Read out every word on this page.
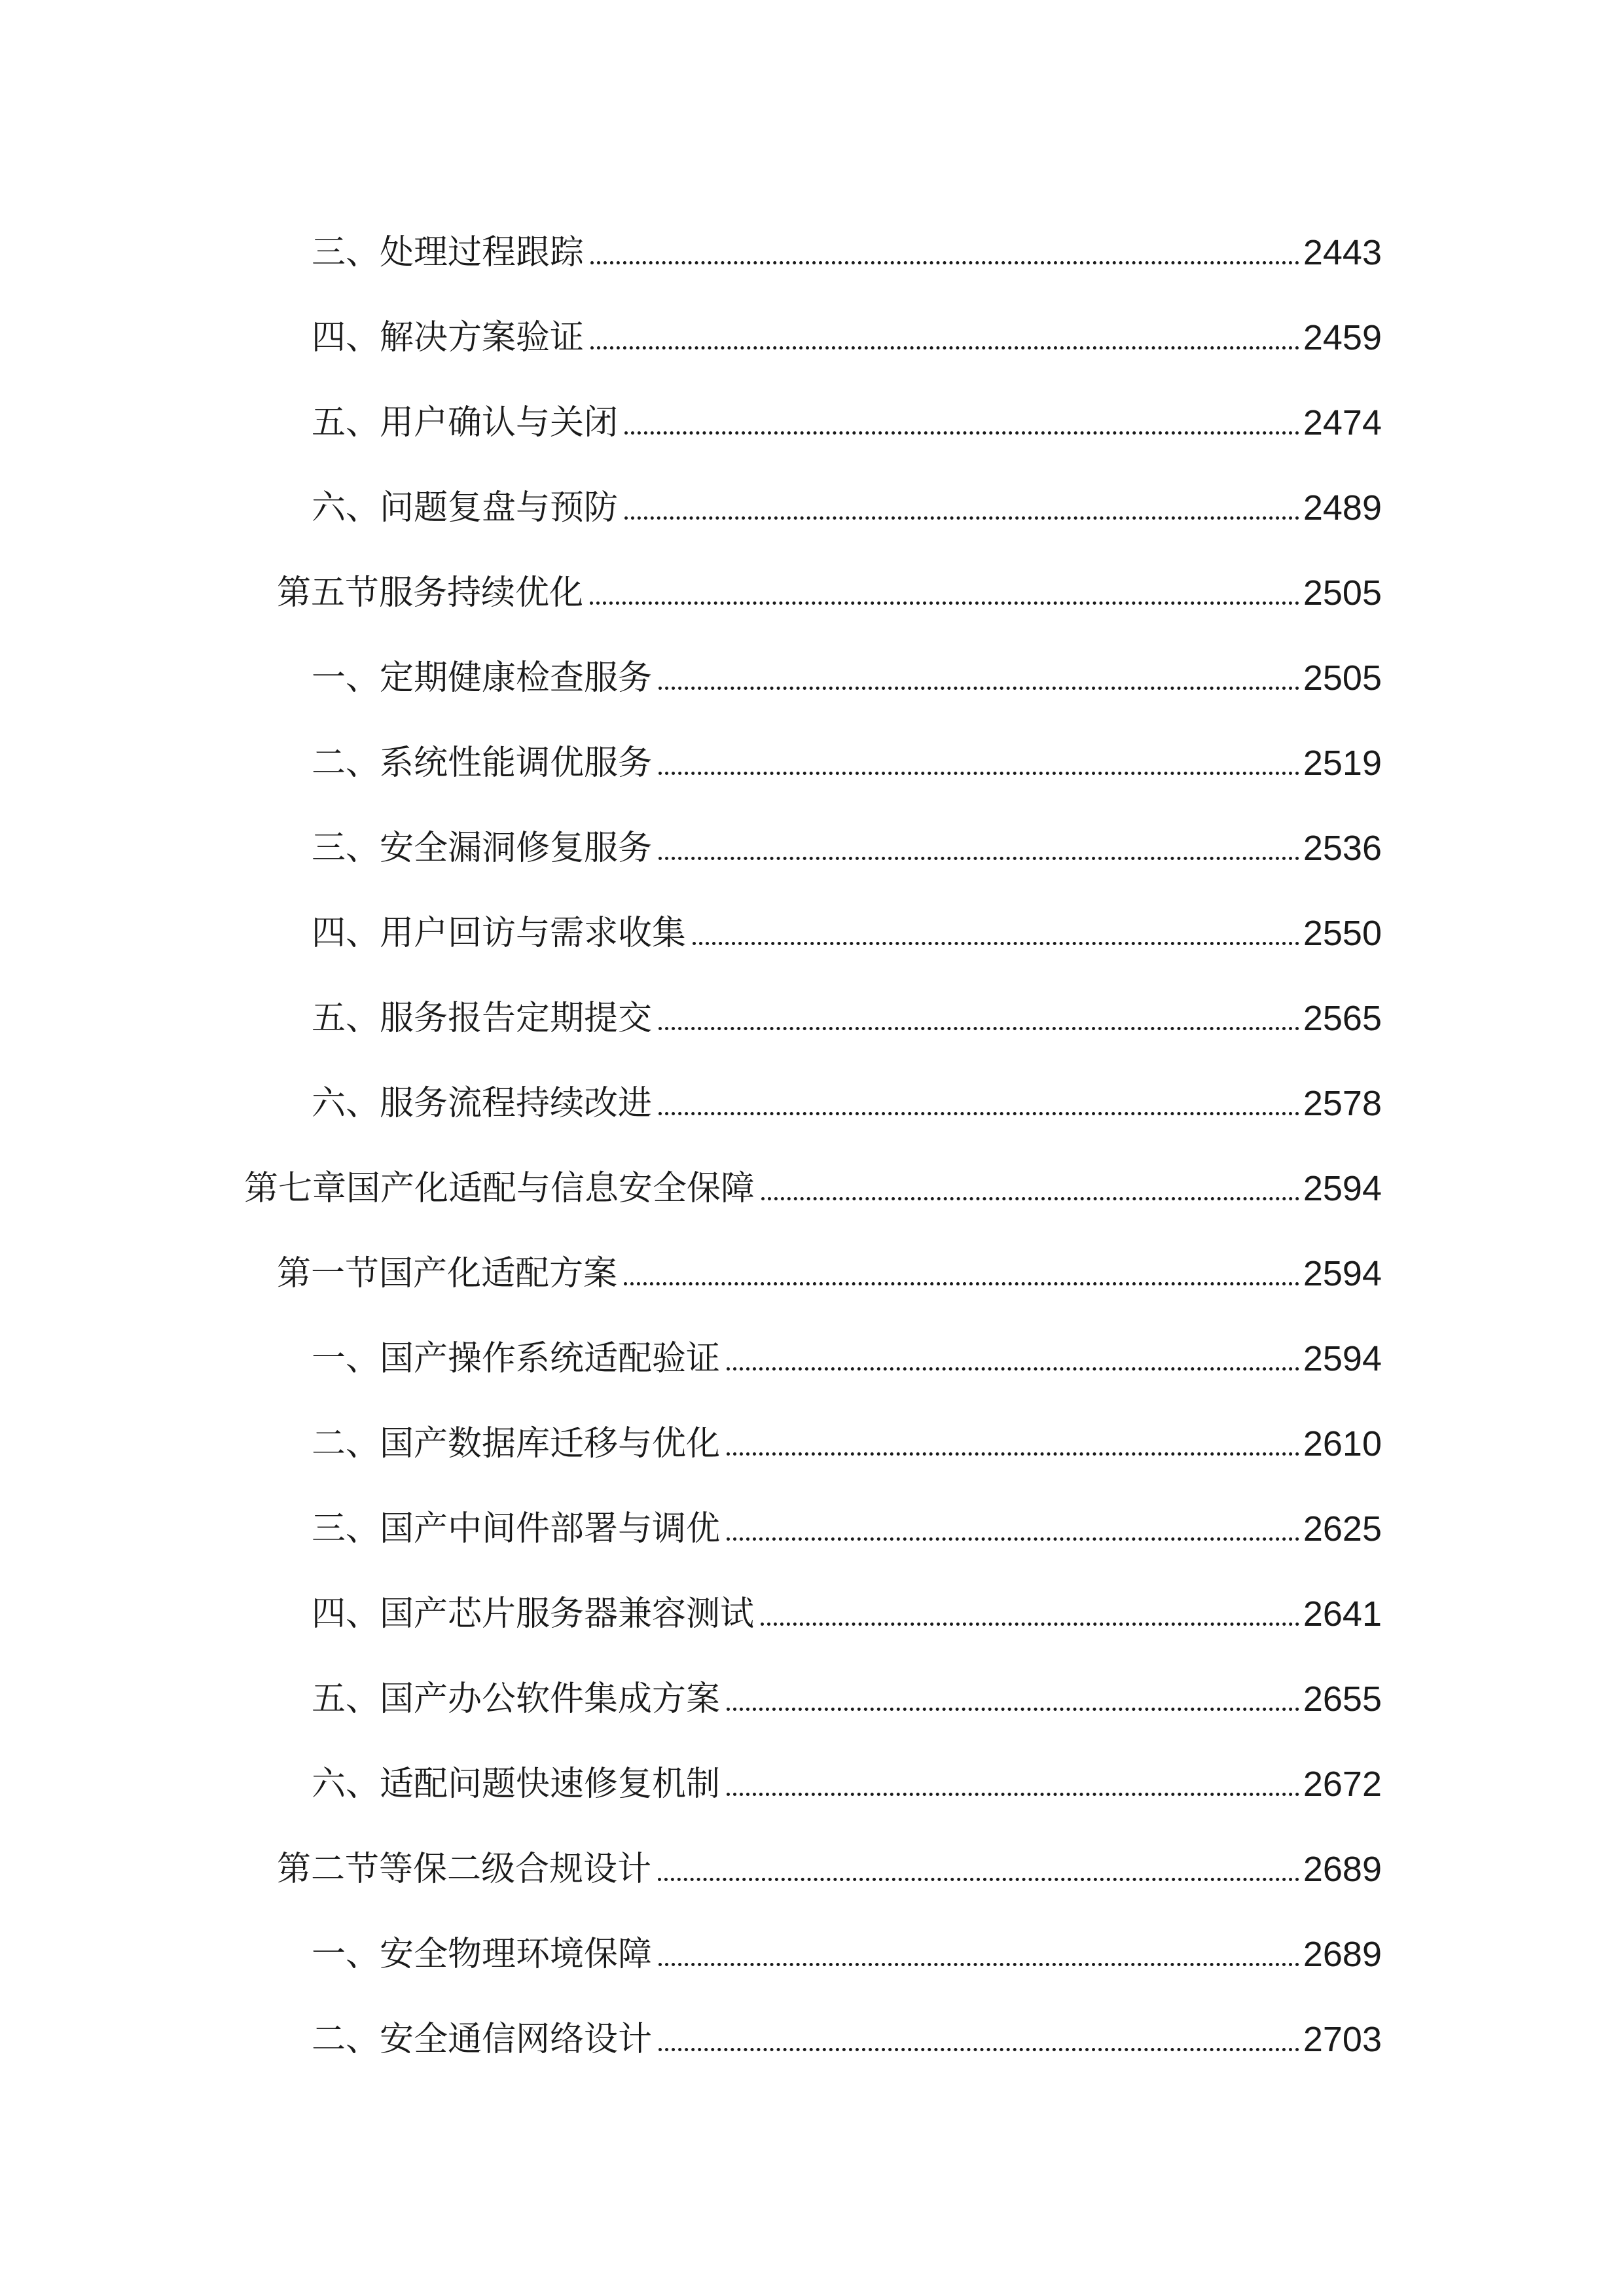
三、处理过程跟踪	2443
四、解决方案验证	2459
五、用户确认与关闭	2474
六、问题复盘与预防	2489
第五节服务持续优化	2505
一、定期健康检查服务	2505
二、系统性能调优服务	2519
三、安全漏洞修复服务	2536
四、用户回访与需求收集	2550
五、服务报告定期提交	2565
六、服务流程持续改进	2578
第七章国产化适配与信息安全保障	2594
第一节国产化适配方案	2594
一、国产操作系统适配验证	2594
二、国产数据库迁移与优化	2610
三、国产中间件部署与调优	2625
四、国产芯片服务器兼容测试	2641
五、国产办公软件集成方案	2655
六、适配问题快速修复机制	2672
第二节等保二级合规设计	2689
一、安全物理环境保障	2689
二、安全通信网络设计	2703
